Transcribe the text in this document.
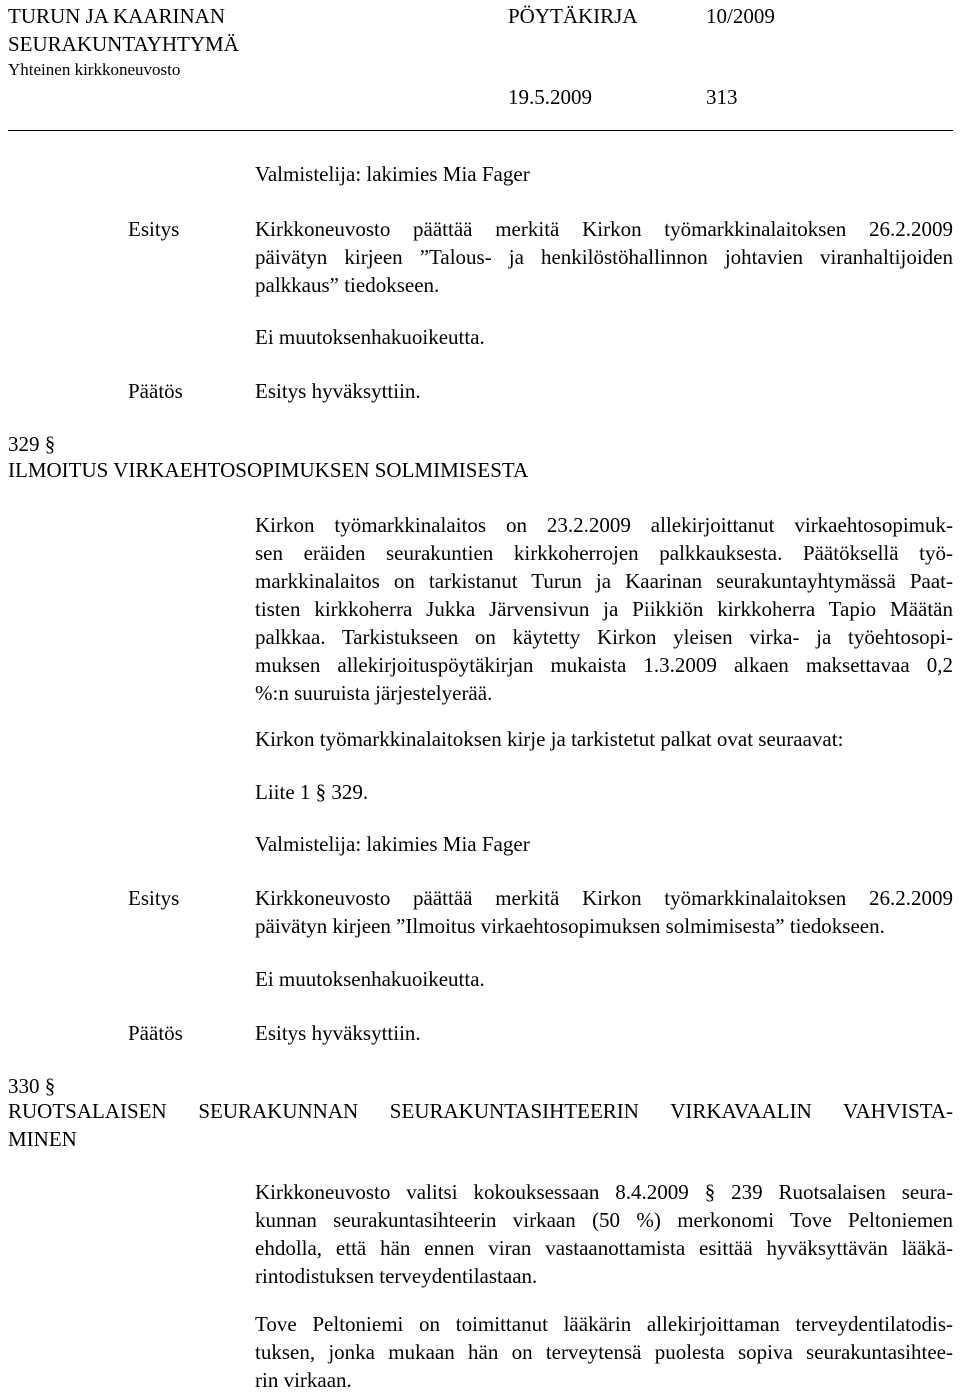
TURUN JA KAARINAN
SEURAKUNTAYHTYMÄ
Yhteinen kirkkoneuvosto
PÖYTÄKIRJA	10/2009
19.5.2009	313
Valmistelija: lakimies Mia Fager
Esitys	Kirkkoneuvosto päättää merkitä Kirkon työmarkkinalaitoksen 26.2.2009
päivätyn kirjeen ”Talous- ja henkilöstöhallinnon johtavien viranhaltijoiden
palkkaus” tiedokseen.
Ei muutoksenhakuoikeutta.
Päätös	Esitys hyväksyttiin.
329 §
ILMOITUS VIRKAEHTOSOPIMUKSEN SOLMIMISESTA
Kirkon työmarkkinalaitos on 23.2.2009 allekirjoittanut virkaehtosopimuk-
sen eräiden seurakuntien kirkkoherrojen palkkauksesta. Päätöksellä työ-
markkinalaitos on tarkistanut Turun ja Kaarinan seurakuntayhtymässä Paat-
tisten kirkkoherra Jukka Järvensivun ja Piikkiön kirkkoherra Tapio Määtän
palkkaa. Tarkistukseen on käytetty Kirkon yleisen virka- ja työehtosopi-
muksen allekirjoituspöytäkirjan mukaista 1.3.2009 alkaen maksettavaa 0,2
%:n suuruista järjestelyerää.
Kirkon työmarkkinalaitoksen kirje ja tarkistetut palkat ovat seuraavat:
Liite 1 § 329.
Valmistelija: lakimies Mia Fager
Esitys	Kirkkoneuvosto päättää merkitä Kirkon työmarkkinalaitoksen 26.2.2009
päivätyn kirjeen ”Ilmoitus virkaehtosopimuksen solmimisesta” tiedokseen.
Ei muutoksenhakuoikeutta.
Päätös	Esitys hyväksyttiin.
330 §
RUOTSALAISEN SEURAKUNNAN SEURAKUNTASIHTEERIN VIRKAVAALIN VAHVISTA-
MINEN
Kirkkoneuvosto valitsi kokouksessaan 8.4.2009 § 239 Ruotsalaisen seura-
kunnan seurakuntasihteerin virkaan (50 %) merkonomi Tove Peltoniemen
ehdolla, että hän ennen viran vastaanottamista esittää hyväksyttävän lääkä-
rintodistuksen terveydentilastaan.
Tove Peltoniemi on toimittanut lääkärin allekirjoittaman terveydentilatodis-
tuksen, jonka mukaan hän on terveytensä puolesta sopiva seurakuntasihtee-
rin virkaan.
